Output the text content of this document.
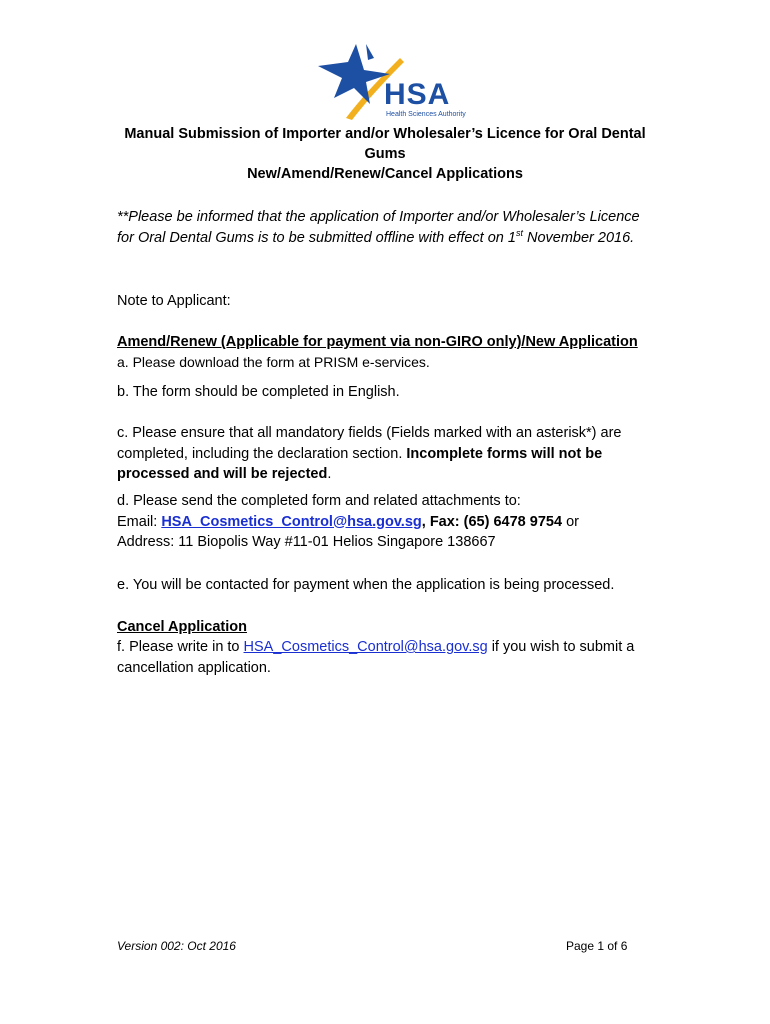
HSA
Health Sciences Authority
Manual Submission of Importer and/or Wholesaler’s Licence for Oral Dental
Gums
New/Amend/Renew/Cancel Applications
**Please be informed that the application of Importer and/or Wholesaler’s Licence for Oral Dental Gums is to be submitted offline with effect on 1st November 2016.
Note to Applicant:
Amend/Renew (Applicable for payment via non-GIRO only)/New Application
a. Please download the form at PRISM e-services.
b. The form should be completed in English.
c. Please ensure that all mandatory fields (Fields marked with an asterisk*) are completed, including the declaration section. Incomplete forms will not be processed and will be rejected.
d. Please send the completed form and related attachments to:
Email: HSA_Cosmetics_Control@hsa.gov.sg, Fax: (65) 6478 9754 or
Address: 11 Biopolis Way #11-01 Helios Singapore 138667
e. You will be contacted for payment when the application is being processed.
Cancel Application
f. Please write in to HSA_Cosmetics_Control@hsa.gov.sg if you wish to submit a cancellation application.
Version 002: Oct 2016	Page 1 of 6
